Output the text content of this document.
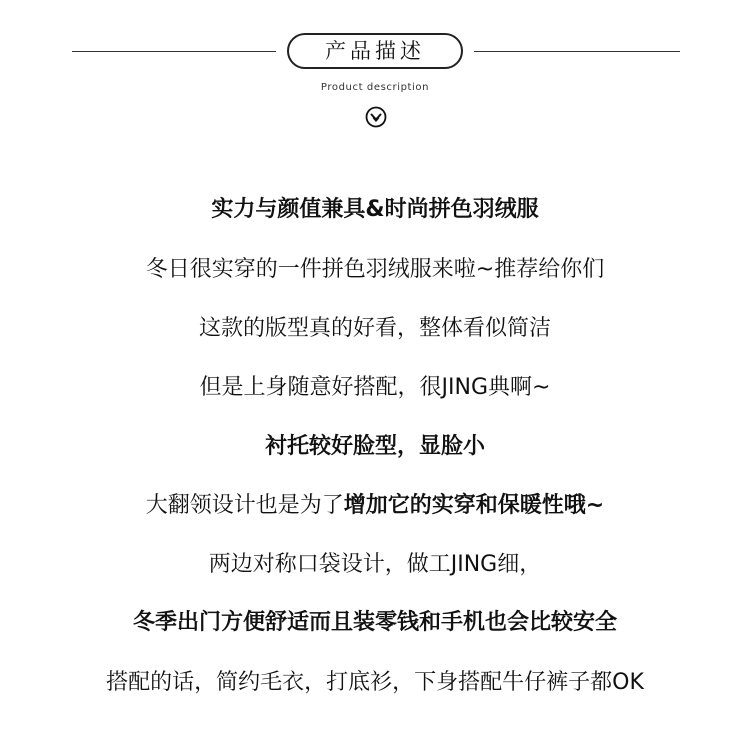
产品描述
Product description
实力与颜值兼具&时尚拼色羽绒服
冬日很实穿的一件拼色羽绒服来啦~推荐给你们
这款的版型真的好看，整体看似简洁
但是上身随意好搭配，很JING典啊~
衬托较好脸型，显脸小
大翻领设计也是为了增加它的实穿和保暖性哦~
两边对称口袋设计，做工JING细，
冬季出门方便舒适而且装零钱和手机也会比较安全
搭配的话，简约毛衣，打底衫，下身搭配牛仔裤子都OK
